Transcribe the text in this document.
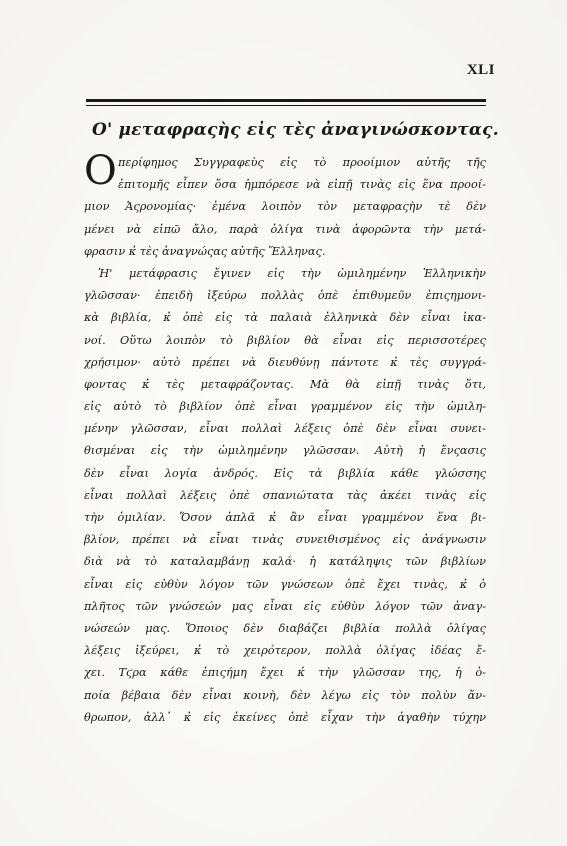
XLI
Ο' μεταφραςὴς εἰς τὲς ἀναγινώσκοντας.
Ο περίφημος Συγγραφεὺς εἰς τὸ προοίμιον αὐτῆς τῆς
ἐπιτομῆς εἶπεν ὅσα ἠμπόρεσε νὰ εἰπῇ τινὰς εἰς ἕνα προοί-
μιον Ἀςρονομίας· ἐμένα λοιπὸν τὸν μεταφραςὴν τὲ δὲν
μένει νὰ εἰπῶ ἄλο, παρὰ ὀλίγα τινὰ ἀφορῶντα τὴν μετά-
φρασιν κ̓ τὲς ἀναγνώςας αὐτῆς Ἕλληνας.
Ἡ' μετάφρασις ἔγινεν εἰς τὴν ὡμιλημένην Ἑλληνικὴν
γλῶσσαν· ἐπειδὴ ἰξεύρω πολλὰς ὁπὲ ἐπιθυμεῦν ἐπιςημονι-
κὰ βιβλία, κ̓ ὁπὲ εἰς τὰ παλαιὰ ἑλληνικὰ δὲν εἶναι ἱκα-
νοί. Οὕτω λοιπὸν τὸ βιβλίον θὰ εἶναι εἰς περισσοτέρες
χρήσιμον· αὐτὸ πρέπει νὰ διευθύνῃ πάντοτε κ̓ τὲς συγγρά-
φοντας κ̓ τὲς μεταφράζοντας. Μὰ θὰ εἰπῇ τινὰς ὅτι,
εἰς αὐτὸ τὸ βιβλίον ὁπὲ εἶναι γραμμένον εἰς τὴν ὡμιλη-
μένην γλῶσσαν, εἶναι πολλαὶ λέξεις ὁπὲ δὲν εἶναι συνει-
θισμέναι εἰς τὴν ὡμιλημένην γλῶσσαν. Αὐτὴ ἡ ἔνςασις
δὲν εἶναι λογία ἀνδρός. Εἰς τὰ βιβλία κάθε γλώσσης
εἶναι πολλαὶ λέξεις ὁπὲ σπανιώτατα τὰς ἀκέει τινὰς εἰς
τὴν ὁμιλίαν. Ὅσον ἁπλᾶ κ̓ ἂν εἶναι γραμμένον ἕνα βι-
βλίον, πρέπει νὰ εἶναι τινὰς συνειθισμένος εἰς ἀνάγνωσιν
διὰ νὰ τὸ καταλαμβάνῃ καλά· ἡ κατάληψις τῶν βιβλίων
εἶναι εἰς εὐθὺν λόγον τῶν γνώσεων ὁπὲ ἔχει τινὰς, κ̓ ὁ
πλῆτος τῶν γνώσεών μας εἶναι εἰς εὐθὺν λόγον τῶν ἀναγ-
νώσεών μας. Ὅποιος δὲν διαβάζει βιβλία πολλὰ ὀλίγας
λέξεις ἰξεύρει, κ̓ τὸ χειρότερον, πολλὰ ὀλίγας ἰδέας ἔ-
χει. Τϛρα κάθε ἐπιςήμη ἔχει κ̓ τὴν γλῶσσαν της, ἡ ὁ-
ποία βέβαια δὲν εἶναι κοινὴ, δὲν λέγω εἰς τὸν πολὺν ἄν-
θρωπον, ἀλλ᾽ κ̓ εἰς ἐκείνες ὁπὲ εἶχαν τὴν ἀγαθὴν τύχην
